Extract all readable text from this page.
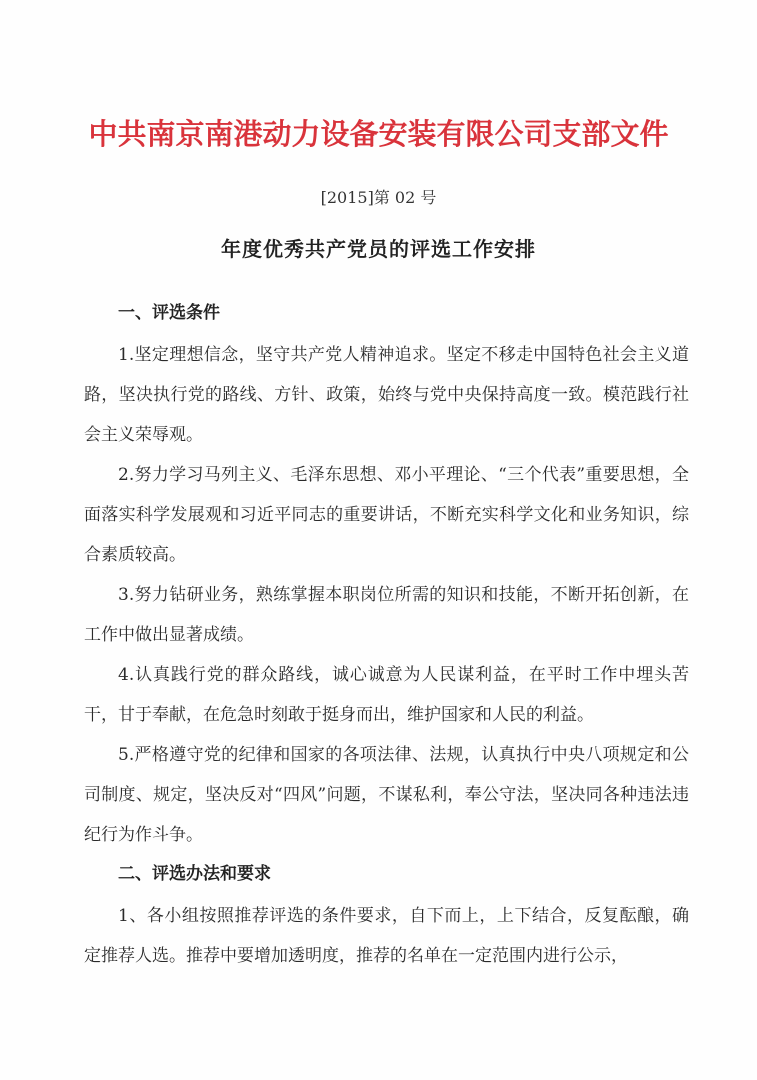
中共南京南港动力设备安装有限公司支部文件
[2015]第 02 号
年度优秀共产党员的评选工作安排
一、评选条件

1.坚定理想信念，坚守共产党人精神追求。坚定不移走中国特色社会主义道路，坚决执行党的路线、方针、政策，始终与党中央保持高度一致。模范践行社会主义荣辱观。

2.努力学习马列主义、毛泽东思想、邓小平理论、“三个代表”重要思想，全面落实科学发展观和习近平同志的重要讲话，不断充实科学文化和业务知识，综合素质较高。

3.努力钻研业务，熟练掌握本职岗位所需的知识和技能，不断开拓创新，在工作中做出显著成绩。

4.认真践行党的群众路线，诚心诚意为人民谋利益，在平时工作中埋头苦干，甘于奉献，在危急时刻敢于挺身而出，维护国家和人民的利益。

5.严格遵守党的纪律和国家的各项法律、法规，认真执行中央八项规定和公司制度、规定，坚决反对“四风”问题，不谋私利，奉公守法，坚决同各种违法违纪行为作斗争。

二、评选办法和要求

1、各小组按照推荐评选的条件要求，自下而上，上下结合，反复酝酿，确定推荐人选。推荐中要增加透明度，推荐的名单在一定范围内进行公示，
